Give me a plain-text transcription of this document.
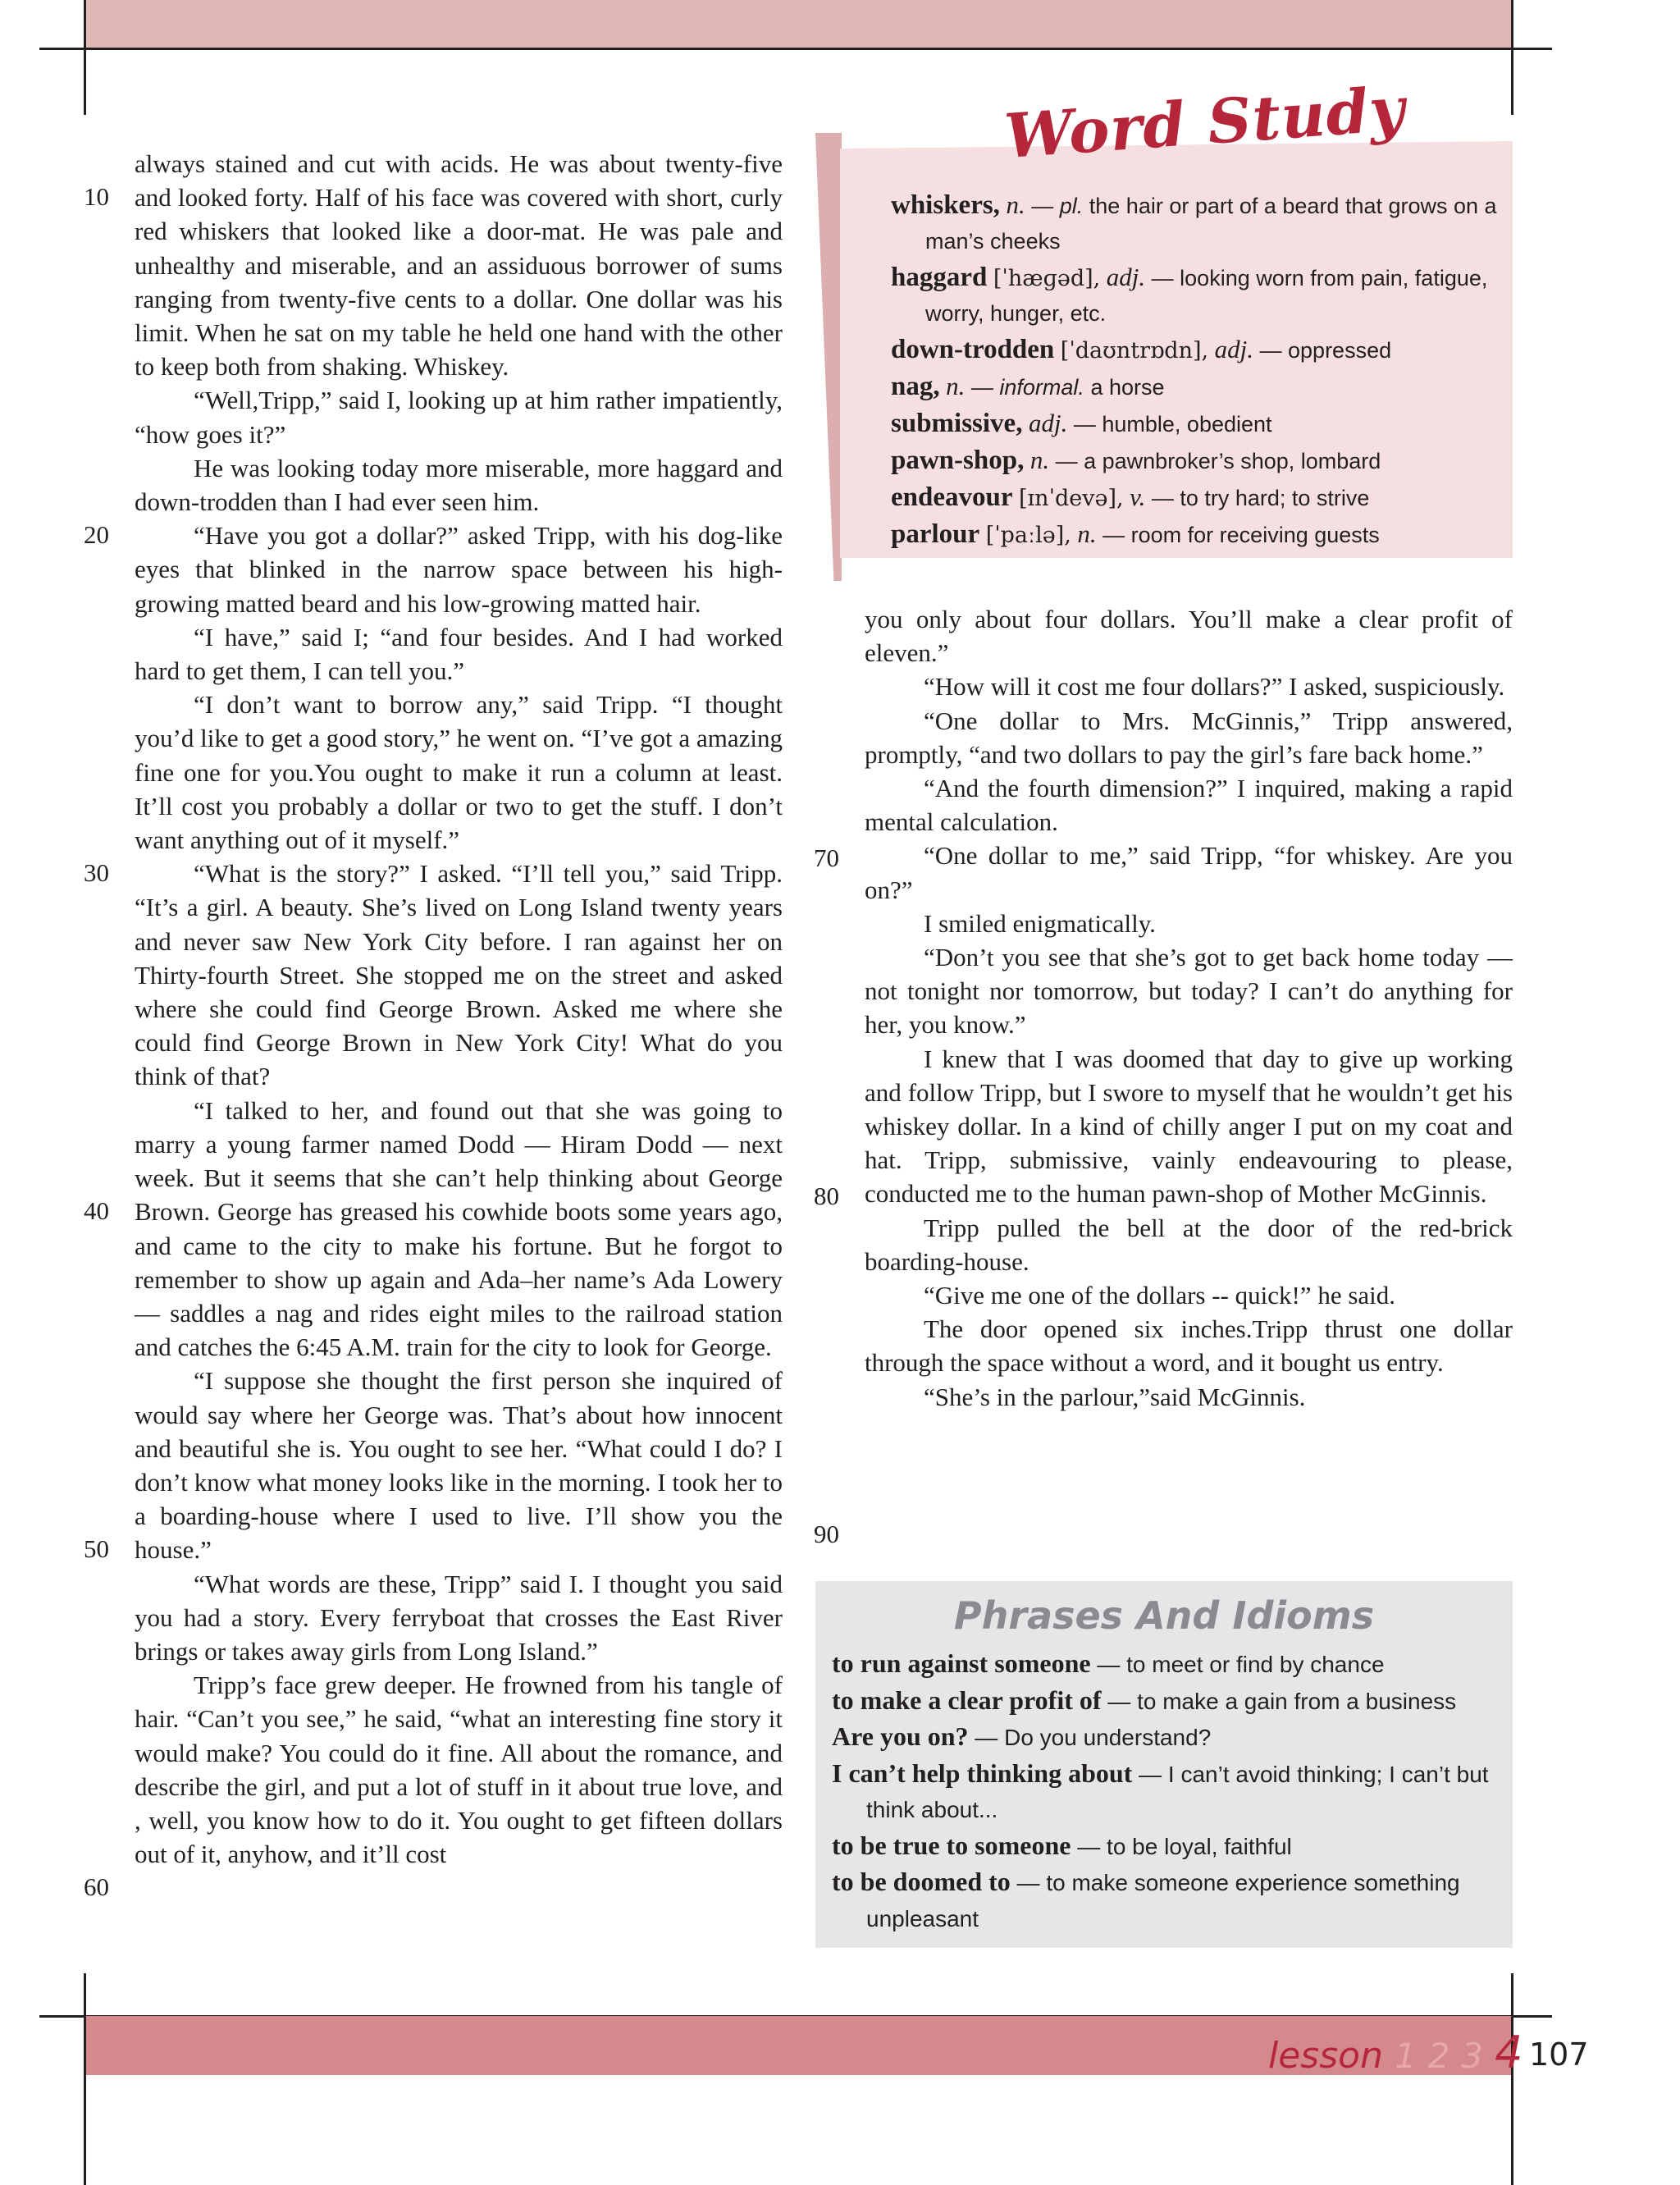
always stained and cut with acids. He was about twenty-five and looked forty. Half of his face was covered with short, curly red whiskers that looked like a door-mat. He was pale and unhealthy and miserable, and an assiduous borrower of sums ranging from twenty-five cents to a dollar. One dollar was his limit. When he sat on my table he held one hand with the other to keep both from shaking. Whiskey.

“Well,Tripp,” said I, looking up at him rather impatiently, “how goes it?”

He was looking today more miserable, more haggard and down-trodden than I had ever seen him.

“Have you got a dollar?” asked Tripp, with his dog-like eyes that blinked in the narrow space between his high-growing matted beard and his low-growing matted hair.

“I have,” said I; “and four besides. And I had worked hard to get them, I can tell you.”

“I don’t want to borrow any,” said Tripp. “I thought you’d like to get a good story,” he went on. “I’ve got a amazing fine one for you.You ought to make it run a column at least. It’ll cost you probably a dollar or two to get the stuff. I don’t want anything out of it myself.”

“What is the story?” I asked. “I’ll tell you,” said Tripp. “It’s a girl. A beauty. She’s lived on Long Island twenty years and never saw New York City before. I ran against her on Thirty-fourth Street. She stopped me on the street and asked where she could find George Brown. Asked me where she could find George Brown in New York City! What do you think of that?

“I talked to her, and found out that she was going to marry a young farmer named Dodd — Hiram Dodd — next week. But it seems that she can’t help thinking about George Brown. George has greased his cowhide boots some years ago, and came to the city to make his fortune. But he forgot to remember to show up again and Ada–her name’s Ada Lowery — saddles a nag and rides eight miles to the railroad station and catches the 6:45 A.M. train for the city to look for George.

“I suppose she thought the first person she inquired of would say where her George was. That’s about how innocent and beautiful she is. You ought to see her. “What could I do? I don’t know what money looks like in the morning. I took her to a boarding-house where I used to live. I’ll show you the house.”

“What words are these, Tripp” said I. I thought you said you had a story. Every ferryboat that crosses the East River brings or takes away girls from Long Island.”

Tripp’s face grew deeper. He frowned from his tangle of hair. “Can’t you see,” he said, “what an interesting fine story it would make? You could do it fine. All about the romance, and describe the girl, and put a lot of stuff in it about true love, and , well, you know how to do it. You ought to get fifteen dollars out of it, anyhow, and it’ll cost

10
20
30
40
50
60
Word Study
whiskers, n. — pl. the hair or part of a beard that grows on a man’s cheeks
haggard [ˈhæɡəd], adj. — looking worn from pain, fatigue, worry, hunger, etc.
down-trodden [ˈdaʊntrɒdn], adj. — oppressed
nag, n. — informal. a horse
submissive, adj. — humble, obedient
pawn-shop, n. — a pawnbroker’s shop, lombard
endeavour [ɪnˈdevə], v. — to try hard; to strive
parlour [ˈpaːlə], n. — room for receiving guests

you only about four dollars. You’ll make a clear profit of eleven.”

“How will it cost me four dollars?” I asked, suspiciously.

“One dollar to Mrs. McGinnis,” Tripp answered, promptly, “and two dollars to pay the girl’s fare back home.”

“And the fourth dimension?” I inquired, making a rapid mental calculation.

“One dollar to me,” said Tripp, “for whiskey. Are you on?”

I smiled enigmatically.

“Don’t you see that she’s got to get back home today — not tonight nor tomorrow, but today? I can’t do anything for her, you know.”

I knew that I was doomed that day to give up working and follow Tripp, but I swore to myself that he wouldn’t get his whiskey dollar. In a kind of chilly anger I put on my coat and hat. Tripp, submissive, vainly endeavouring to please, conducted me to the human pawn-shop of Mother McGinnis.

Tripp pulled the bell at the door of the red-brick boarding-house.

“Give me one of the dollars -- quick!” he said.

The door opened six inches.Tripp thrust one dollar through the space without a word, and it bought us entry.

“She’s in the parlour,”said McGinnis.

70
80
90
Phrases And Idioms
to run against someone — to meet or find by chance
to make a clear profit of — to make a gain from a business
Are you on? — Do you understand?
I can’t help thinking about — I can’t avoid thinking; I can’t but think about...
to be true to someone — to be loyal, faithful
to be doomed to — to make someone experience something unpleasant
lesson 1 2 3 4 107
